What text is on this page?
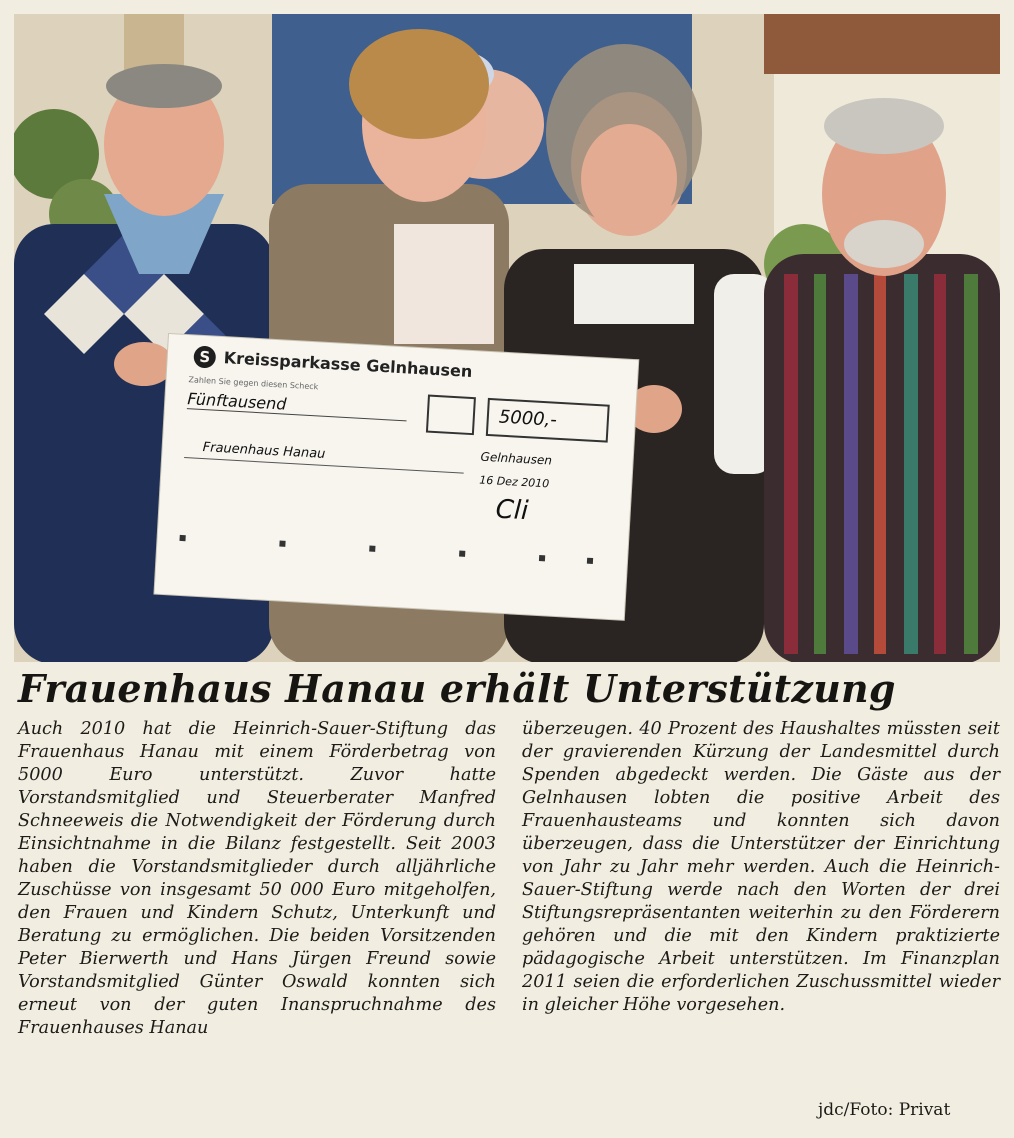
S Kreissparkasse Gelnhausen
Zahlen Sie gegen diesen Scheck
Fünftausend
5000,-
Frauenhaus Hanau	Gelnhausen
16 Dez 2010
Cli
Frauenhaus Hanau erhält Unterstützung

Auch 2010 hat die Heinrich-Sauer-Stiftung das Frauenhaus Hanau mit einem Förderbetrag von 5000 Euro unterstützt. Zuvor hatte Vorstandsmitglied und Steuerberater Manfred Schneeweis die Notwendigkeit der Förderung durch Einsichtnahme in die Bilanz festgestellt. Seit 2003 haben die Vorstandsmitglieder durch alljährliche Zuschüsse von insgesamt 50 000 Euro mitgeholfen, den Frauen und Kindern Schutz, Unterkunft und Beratung zu ermöglichen. Die beiden Vorsitzenden Peter Bierwerth und Hans Jürgen Freund sowie Vorstandsmitglied Günter Oswald konnten sich erneut von der guten Inanspruchnahme des Frauenhauses Hanau

überzeugen. 40 Prozent des Haushaltes müssten seit der gravierenden Kürzung der Landesmittel durch Spenden abgedeckt werden. Die Gäste aus der Gelnhausen lobten die positive Arbeit des Frauenhausteams und konnten sich davon überzeugen, dass die Unterstützer der Einrichtung von Jahr zu Jahr mehr werden. Auch die Heinrich-Sauer-Stiftung werde nach den Worten der drei Stiftungsrepräsentanten weiterhin zu den Förderern gehören und die mit den Kindern praktizierte pädagogische Arbeit unterstützen. Im Finanzplan 2011 seien die erforderlichen Zuschussmittel wieder in gleicher Höhe vorgesehen.

jdc/Foto: Privat
